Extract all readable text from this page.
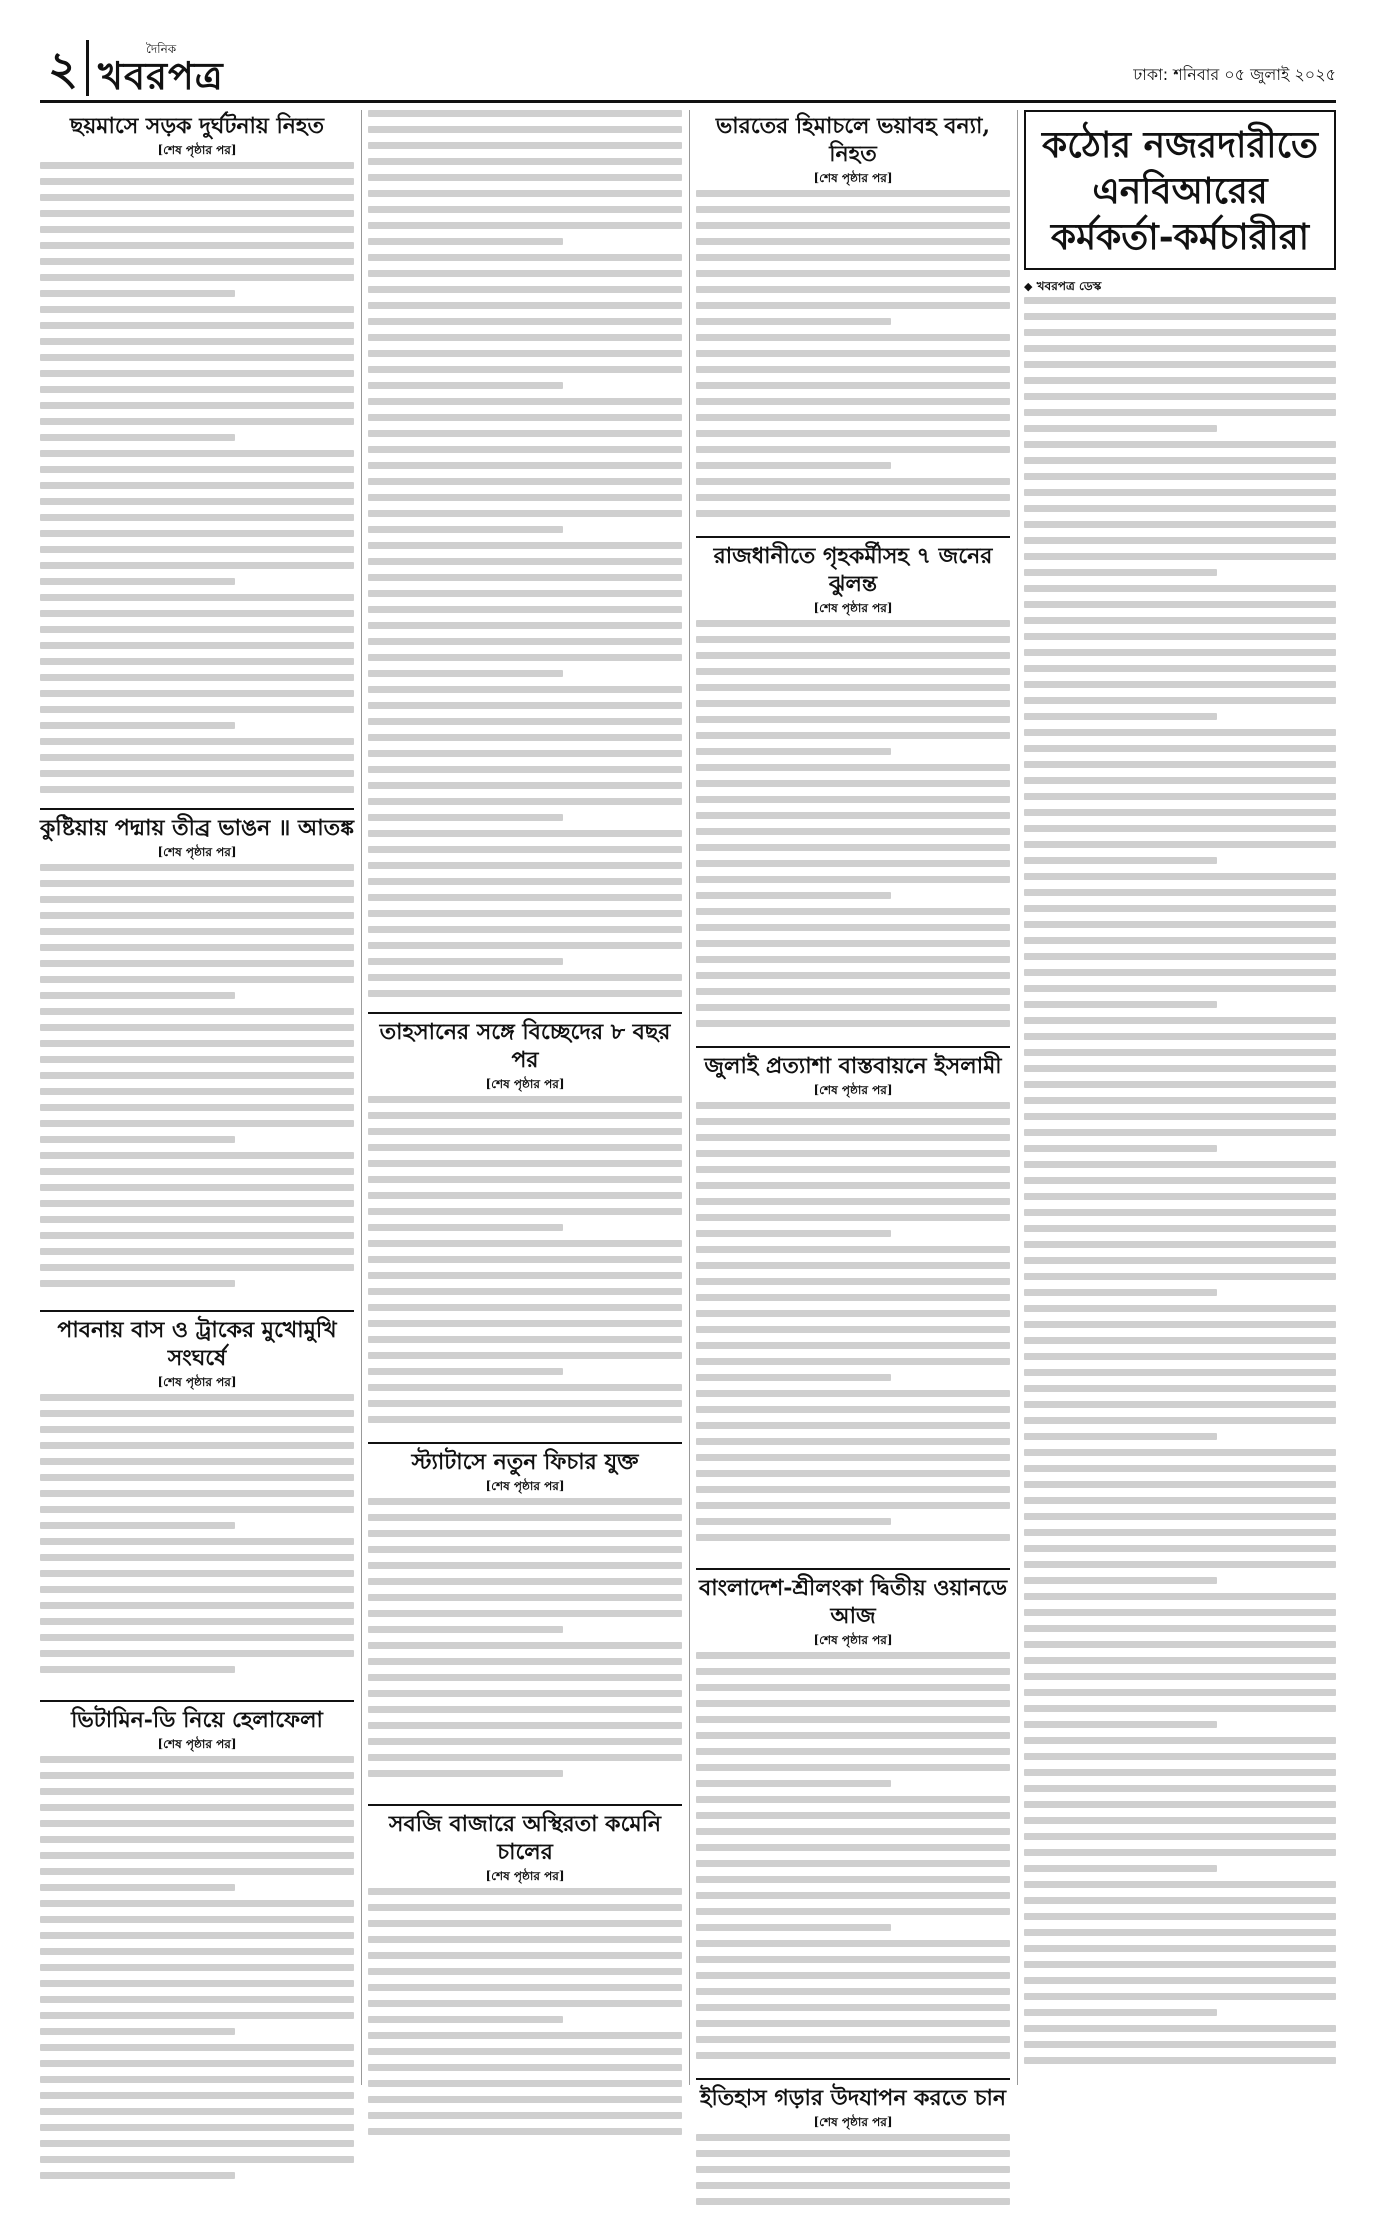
২	দৈনিক
খবরপত্র	ঢাকা: শনিবার ০৫ জুলাই ২০২৫
ছয়মাসে সড়ক দুর্ঘটনায় নিহত
[শেষ পৃষ্ঠার পর]
কুষ্টিয়ায় পদ্মায় তীব্র ভাঙন ॥ আতঙ্ক
[শেষ পৃষ্ঠার পর]
পাবনায় বাস ও ট্রাকের মুখোমুখি সংঘর্ষে
[শেষ পৃষ্ঠার পর]
ভিটামিন-ডি নিয়ে হেলাফেলা
[শেষ পৃষ্ঠার পর]
তাহসানের সঙ্গে বিচ্ছেদের ৮ বছর পর
[শেষ পৃষ্ঠার পর]
স্ট্যাটাসে নতুন ফিচার যুক্ত
[শেষ পৃষ্ঠার পর]
সবজি বাজারে অস্থিরতা কমেনি চালের
[শেষ পৃষ্ঠার পর]
ভারতের হিমাচলে ভয়াবহ বন্যা, নিহত
[শেষ পৃষ্ঠার পর]
রাজধানীতে গৃহকর্মীসহ ৭ জনের ঝুলন্ত
[শেষ পৃষ্ঠার পর]
জুলাই প্রত্যাশা বাস্তবায়নে ইসলামী
[শেষ পৃষ্ঠার পর]
বাংলাদেশ-শ্রীলংকা দ্বিতীয় ওয়ানডে আজ
[শেষ পৃষ্ঠার পর]
ইতিহাস গড়ার উদযাপন করতে চান
[শেষ পৃষ্ঠার পর]
কঠোর নজরদারীতে এনবিআরের কর্মকর্তা-কর্মচারীরা
◆ খবরপত্র ডেস্ক
